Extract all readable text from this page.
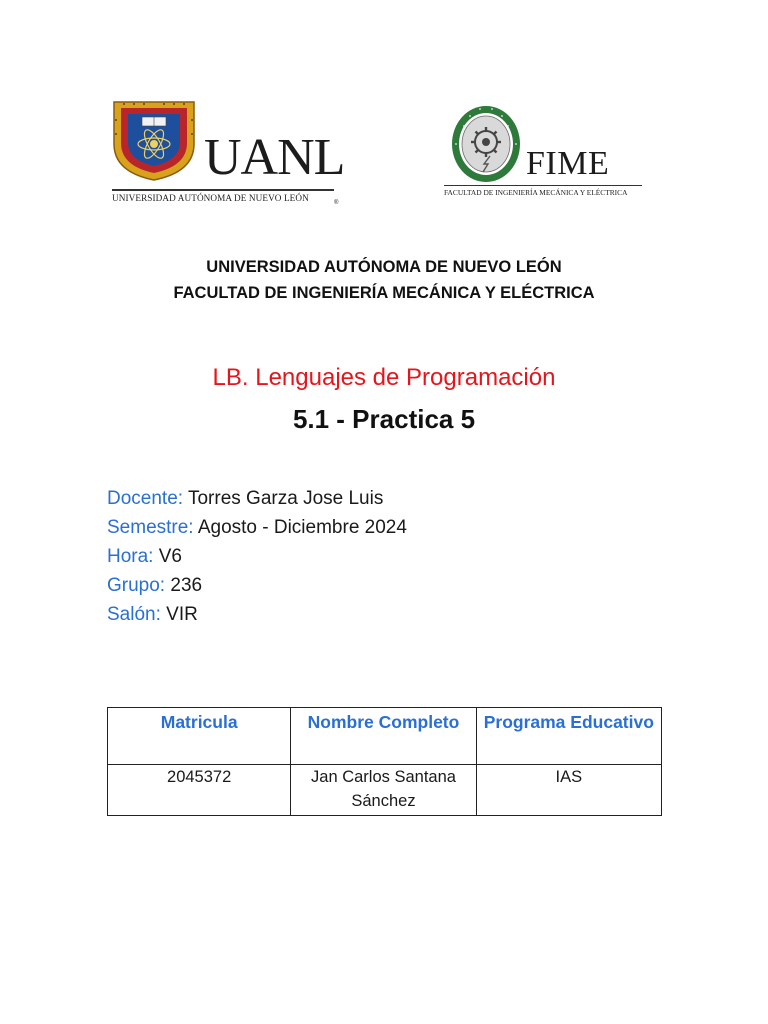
UANL
UNIVERSIDAD AUTÓNOMA DE NUEVO LEÓN	®
FIME
FACULTAD DE INGENIERÍA MECÁNICA Y ELÉCTRICA
UNIVERSIDAD AUTÓNOMA DE NUEVO LEÓN
FACULTAD DE INGENIERÍA MECÁNICA Y ELÉCTRICA
LB. Lenguajes de Programación
5.1 - Practica 5
Docente: Torres Garza Jose Luis
Semestre: Agosto - Diciembre 2024
Hora: V6
Grupo: 236
Salón: VIR
Matricula	Nombre Completo	Programa Educativo
2045372	Jan Carlos Santana Sánchez	IAS
